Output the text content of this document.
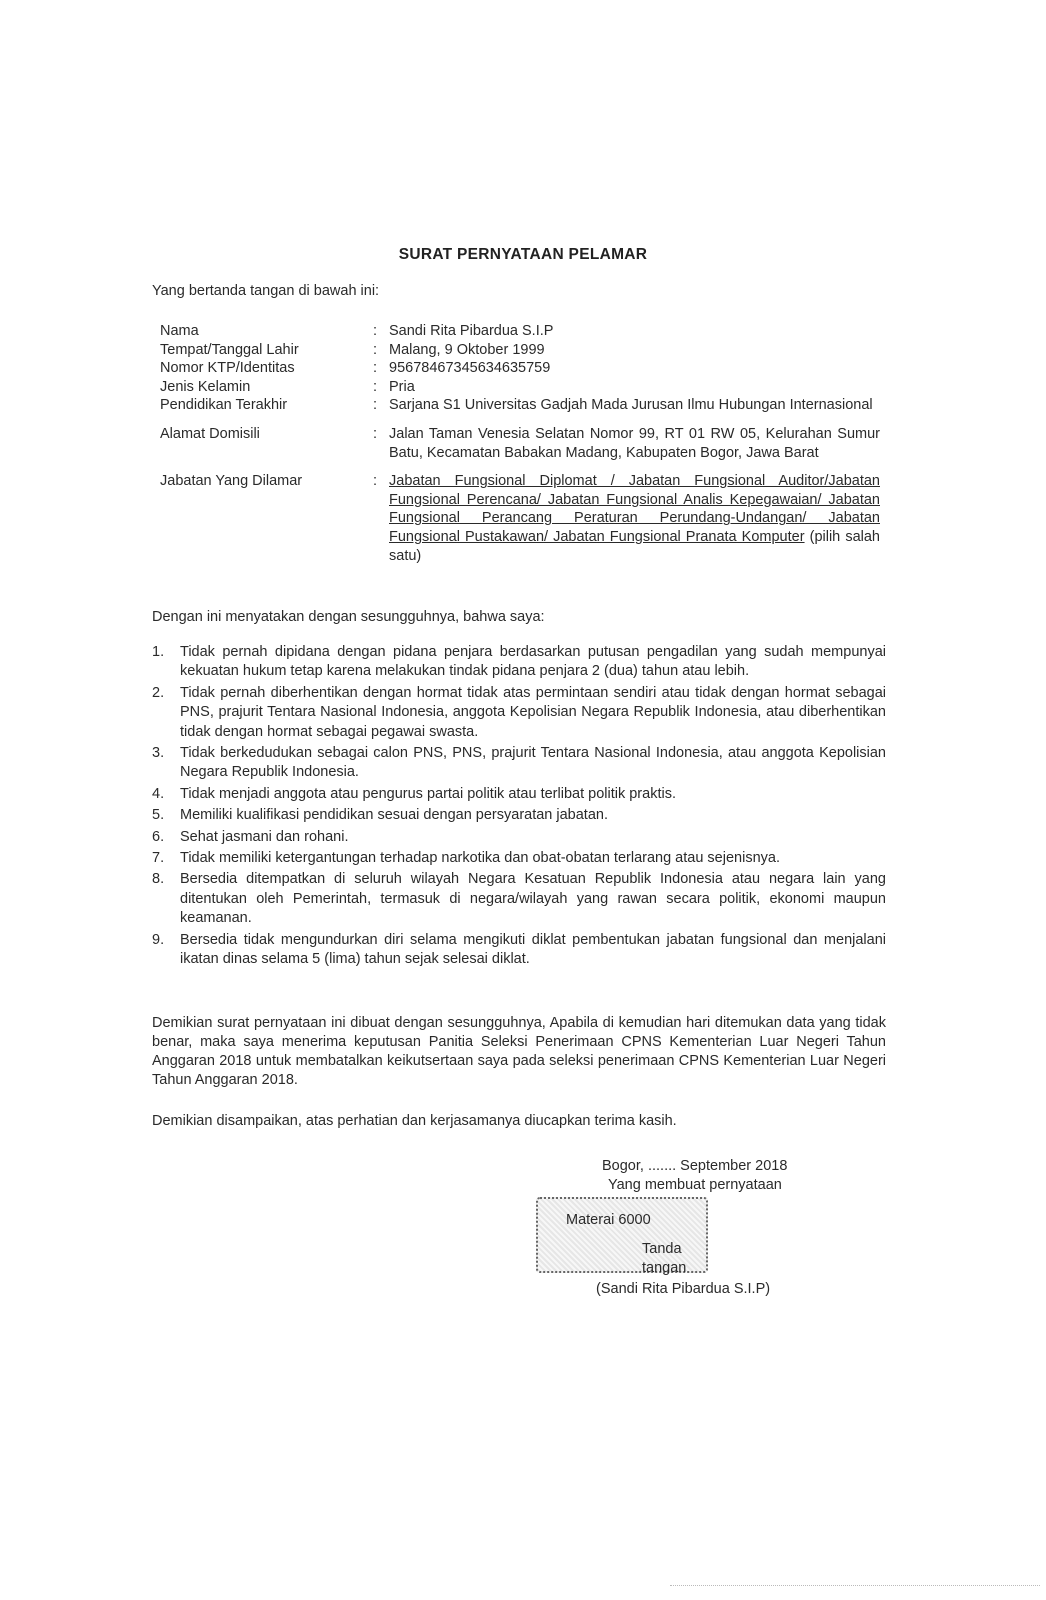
SURAT PERNYATAAN PELAMAR
Yang bertanda tangan di bawah ini:
Nama	: Sandi Rita Pibardua S.I.P
Tempat/Tanggal Lahir	: Malang, 9 Oktober 1999
Nomor KTP/Identitas	: 95678467345634635759
Jenis Kelamin	: Pria
Pendidikan Terakhir	: Sarjana S1 Universitas Gadjah Mada Jurusan Ilmu Hubungan Internasional
Alamat Domisili	: Jalan Taman Venesia Selatan Nomor 99, RT 01 RW 05, Kelurahan Sumur Batu, Kecamatan Babakan Madang, Kabupaten Bogor, Jawa Barat
Jabatan Yang Dilamar	: Jabatan Fungsional Diplomat / Jabatan Fungsional Auditor/Jabatan Fungsional Perencana/ Jabatan Fungsional Analis Kepegawaian/ Jabatan Fungsional Perancang Peraturan Perundang-Undangan/ Jabatan Fungsional Pustakawan/ Jabatan Fungsional Pranata Komputer (pilih salah satu)
Dengan ini menyatakan dengan sesungguhnya, bahwa saya:
1.	Tidak pernah dipidana dengan pidana penjara berdasarkan putusan pengadilan yang sudah mempunyai kekuatan hukum tetap karena melakukan tindak pidana penjara 2 (dua) tahun atau lebih.
2.	Tidak pernah diberhentikan dengan hormat tidak atas permintaan sendiri atau tidak dengan hormat sebagai PNS, prajurit Tentara Nasional Indonesia, anggota Kepolisian Negara Republik Indonesia, atau diberhentikan tidak dengan hormat sebagai pegawai swasta.
3.	Tidak berkedudukan sebagai calon PNS, PNS, prajurit Tentara Nasional Indonesia, atau anggota Kepolisian Negara Republik Indonesia.
4.	Tidak menjadi anggota atau pengurus partai politik atau terlibat politik praktis.
5.	Memiliki kualifikasi pendidikan sesuai dengan persyaratan jabatan.
6.	Sehat jasmani dan rohani.
7.	Tidak memiliki ketergantungan terhadap narkotika dan obat-obatan terlarang atau sejenisnya.
8.	Bersedia ditempatkan di seluruh wilayah Negara Kesatuan Republik Indonesia atau negara lain yang ditentukan oleh Pemerintah, termasuk di negara/wilayah yang rawan secara politik, ekonomi maupun keamanan.
9.	Bersedia tidak mengundurkan diri selama mengikuti diklat pembentukan jabatan fungsional dan menjalani ikatan dinas selama 5 (lima) tahun sejak selesai diklat.
Demikian surat pernyataan ini dibuat dengan sesungguhnya, Apabila di kemudian hari ditemukan data yang tidak benar, maka saya menerima keputusan Panitia Seleksi Penerimaan CPNS Kementerian Luar Negeri Tahun Anggaran 2018 untuk membatalkan keikutsertaan saya pada seleksi penerimaan CPNS Kementerian Luar Negeri Tahun Anggaran 2018.
Demikian disampaikan, atas perhatian dan kerjasamanya diucapkan terima kasih.
Bogor, ....... September 2018
Yang membuat pernyataan
Materai 6000
Tanda tangan
(Sandi Rita Pibardua S.I.P)
